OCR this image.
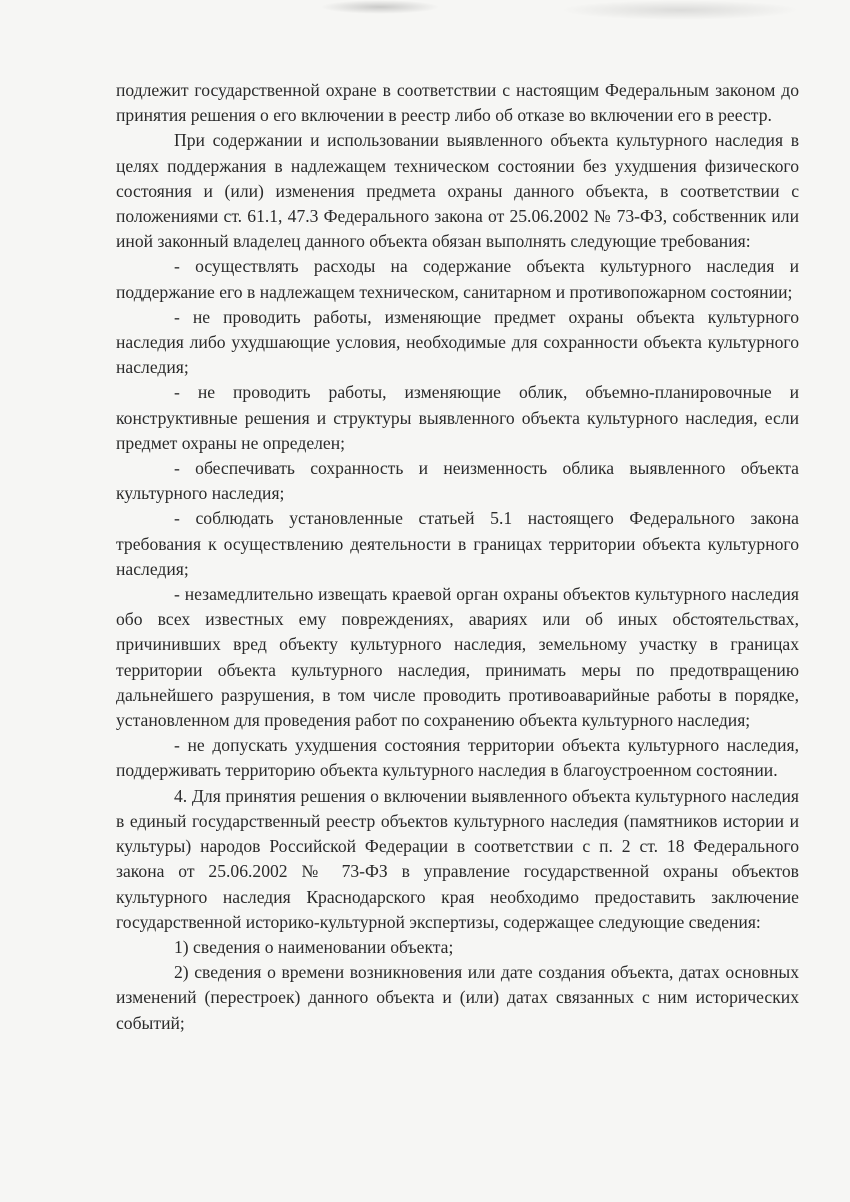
подлежит государственной охране в соответствии с настоящим Федеральным законом до принятия решения о его включении в реестр либо об отказе во включении его в реестр.

При содержании и использовании выявленного объекта культурного наследия в целях поддержания в надлежащем техническом состоянии без ухудшения физического состояния и (или) изменения предмета охраны данного объекта, в соответствии с положениями ст. 61.1, 47.3 Федерального закона от 25.06.2002 № 73-ФЗ, собственник или иной законный владелец данного объекта обязан выполнять следующие требования:

- осуществлять расходы на содержание объекта культурного наследия и поддержание его в надлежащем техническом, санитарном и противопожарном состоянии;

- не проводить работы, изменяющие предмет охраны объекта культурного наследия либо ухудшающие условия, необходимые для сохранности объекта культурного наследия;

- не проводить работы, изменяющие облик, объемно-планировочные и конструктивные решения и структуры выявленного объекта культурного наследия, если предмет охраны не определен;

- обеспечивать сохранность и неизменность облика выявленного объекта культурного наследия;

- соблюдать установленные статьей 5.1 настоящего Федерального закона требования к осуществлению деятельности в границах территории объекта культурного наследия;

- незамедлительно извещать краевой орган охраны объектов культурного наследия обо всех известных ему повреждениях, авариях или об иных обстоятельствах, причинивших вред объекту культурного наследия, земельному участку в границах территории объекта культурного наследия, принимать меры по предотвращению дальнейшего разрушения, в том числе проводить противоаварийные работы в порядке, установленном для проведения работ по сохранению объекта культурного наследия;

- не допускать ухудшения состояния территории объекта культурного наследия, поддерживать территорию объекта культурного наследия в благоустроенном состоянии.

4. Для принятия решения о включении выявленного объекта культурного наследия в единый государственный реестр объектов культурного наследия (памятников истории и культуры) народов Российской Федерации в соответствии с п. 2 ст. 18 Федерального закона от 25.06.2002 № 73-ФЗ в управление государственной охраны объектов культурного наследия Краснодарского края необходимо предоставить заключение государственной историко-культурной экспертизы, содержащее следующие сведения:

1) сведения о наименовании объекта;

2) сведения о времени возникновения или дате создания объекта, датах основных изменений (перестроек) данного объекта и (или) датах связанных с ним исторических событий;
